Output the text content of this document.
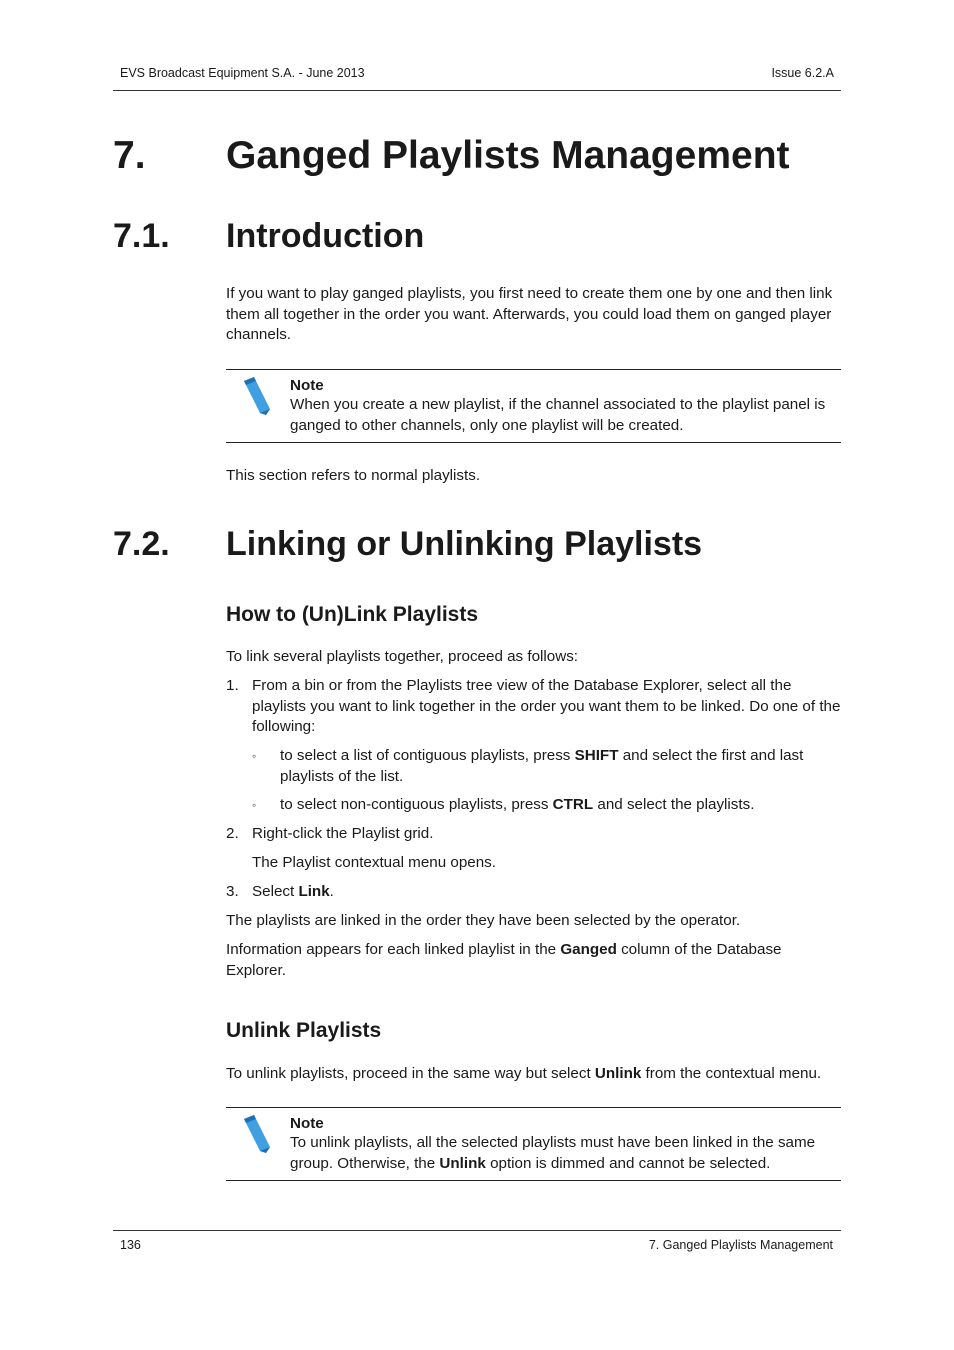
EVS Broadcast Equipment S.A. - June 2013	Issue 6.2.A
7. Ganged Playlists Management
7.1. Introduction
If you want to play ganged playlists, you first need to create them one by one and then link them all together in the order you want. Afterwards, you could load them on ganged player channels.
Note
When you create a new playlist, if the channel associated to the playlist panel is ganged to other channels, only one playlist will be created.
This section refers to normal playlists.
7.2. Linking or Unlinking Playlists
How to (Un)Link Playlists
To link several playlists together, proceed as follows:
1. From a bin or from the Playlists tree view of the Database Explorer, select all the playlists you want to link together in the order you want them to be linked. Do one of the following:
◦ to select a list of contiguous playlists, press SHIFT and select the first and last playlists of the list.
◦ to select non-contiguous playlists, press CTRL and select the playlists.
2. Right-click the Playlist grid.
The Playlist contextual menu opens.
3. Select Link.
The playlists are linked in the order they have been selected by the operator.
Information appears for each linked playlist in the Ganged column of the Database Explorer.
Unlink Playlists
To unlink playlists, proceed in the same way but select Unlink from the contextual menu.
Note
To unlink playlists, all the selected playlists must have been linked in the same group. Otherwise, the Unlink option is dimmed and cannot be selected.
136	7. Ganged Playlists Management
